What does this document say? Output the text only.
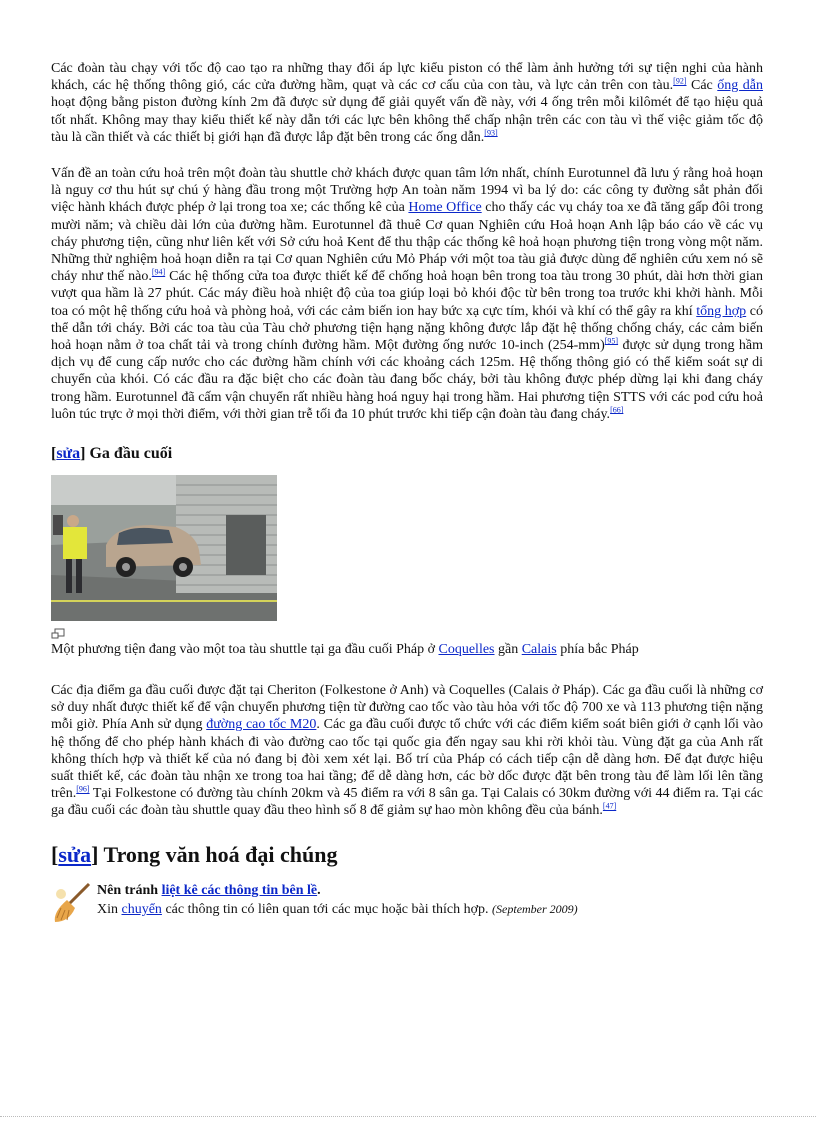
Các đoàn tàu chạy với tốc độ cao tạo ra những thay đổi áp lực kiểu piston có thể làm ảnh hưởng tới sự tiện nghi của hành khách, các hệ thống thông gió, các cửa đường hầm, quạt và các cơ cấu của con tàu, và lực cản trên con tàu.[92] Các ống dẫn hoạt động bằng piston đường kính 2m đã được sử dụng để giải quyết vấn đề này, với 4 ống trên mỗi kilômét để tạo hiệu quả tốt nhất. Không may thay kiểu thiết kế này dẫn tới các lực bên không thể chấp nhận trên các con tàu vì thế việc giảm tốc độ tàu là cần thiết và các thiết bị giới hạn đã được lắp đặt bên trong các ống dẫn.[93]

Vấn đề an toàn cứu hoả trên một đoàn tàu shuttle chở khách được quan tâm lớn nhất, chính Eurotunnel đã lưu ý rằng hoả hoạn là nguy cơ thu hút sự chú ý hàng đầu trong một Trường hợp An toàn năm 1994 vì ba lý do: các công ty đường sắt phản đối việc hành khách được phép ở lại trong toa xe; các thống kê của Home Office cho thấy các vụ cháy toa xe đã tăng gấp đôi trong mười năm; và chiều dài lớn của đường hầm. Eurotunnel đã thuê Cơ quan Nghiên cứu Hoả hoạn Anh lập báo cáo về các vụ cháy phương tiện, cũng như liên kết với Sở cứu hoả Kent để thu thập các thống kê hoả hoạn phương tiện trong vòng một năm. Những thử nghiệm hoả hoạn diễn ra tại Cơ quan Nghiên cứu Mỏ Pháp với một toa tàu giả được dùng để nghiên cứu xem nó sẽ cháy như thế nào.[94] Các hệ thống cửa toa được thiết kế để chống hoả hoạn bên trong toa tàu trong 30 phút, dài hơn thời gian vượt qua hầm là 27 phút. Các máy điều hoà nhiệt độ của toa giúp loại bỏ khói độc từ bên trong toa trước khi khởi hành. Mỗi toa có một hệ thống cứu hoả và phòng hoả, với các cảm biến ion hay bức xạ cực tím, khói và khí có thể gây ra khí tổng hợp có thể dẫn tới cháy. Bởi các toa tàu của Tàu chở phương tiện hạng nặng không được lắp đặt hệ thống chống cháy, các cảm biến hoả hoạn nằm ở toa chất tải và trong chính đường hầm. Một đường ống nước 10-inch (254-mm)[95] được sử dụng trong hầm dịch vụ để cung cấp nước cho các đường hầm chính với các khoảng cách 125m. Hệ thống thông gió có thể kiểm soát sự di chuyển của khói. Có các đầu ra đặc biệt cho các đoàn tàu đang bốc cháy, bởi tàu không được phép dừng lại khi đang cháy trong hầm. Eurotunnel đã cấm vận chuyển rất nhiều hàng hoá nguy hại trong hầm. Hai phương tiện STTS với các pod cứu hoả luôn túc trực ở mọi thời điểm, với thời gian trễ tối đa 10 phút trước khi tiếp cận đoàn tàu đang cháy.[66]

[sửa] Ga đầu cuối

Một phương tiện đang vào một toa tàu shuttle tại ga đầu cuối Pháp ở Coquelles gần Calais phía bắc Pháp

Các địa điểm ga đầu cuối được đặt tại Cheriton (Folkestone ở Anh) và Coquelles (Calais ở Pháp). Các ga đầu cuối là những cơ sở duy nhất được thiết kế để vận chuyển phương tiện từ đường cao tốc vào tàu hỏa với tốc độ 700 xe và 113 phương tiện nặng mỗi giờ. Phía Anh sử dụng đường cao tốc M20. Các ga đầu cuối được tổ chức với các điểm kiểm soát biên giới ở cạnh lối vào hệ thống để cho phép hành khách đi vào đường cao tốc tại quốc gia đến ngay sau khi rời khỏi tàu. Vùng đặt ga của Anh rất không thích hợp và thiết kế của nó đang bị đòi xem xét lại. Bố trí của Pháp có cách tiếp cận dễ dàng hơn. Để đạt được hiệu suất thiết kế, các đoàn tàu nhận xe trong toa hai tầng; để dễ dàng hơn, các bờ dốc được đặt bên trong tàu để làm lối lên tầng trên.[96] Tại Folkestone có đường tàu chính 20km và 45 điểm ra với 8 sân ga. Tại Calais có 30km đường với 44 điểm ra. Tại các ga đầu cuối các đoàn tàu shuttle quay đầu theo hình số 8 để giảm sự hao mòn không đều của bánh.[47]

[sửa] Trong văn hoá đại chúng
Nên tránh liệt kê các thông tin bên lề.
Xin chuyển các thông tin có liên quan tới các mục hoặc bài thích hợp. (September 2009)
